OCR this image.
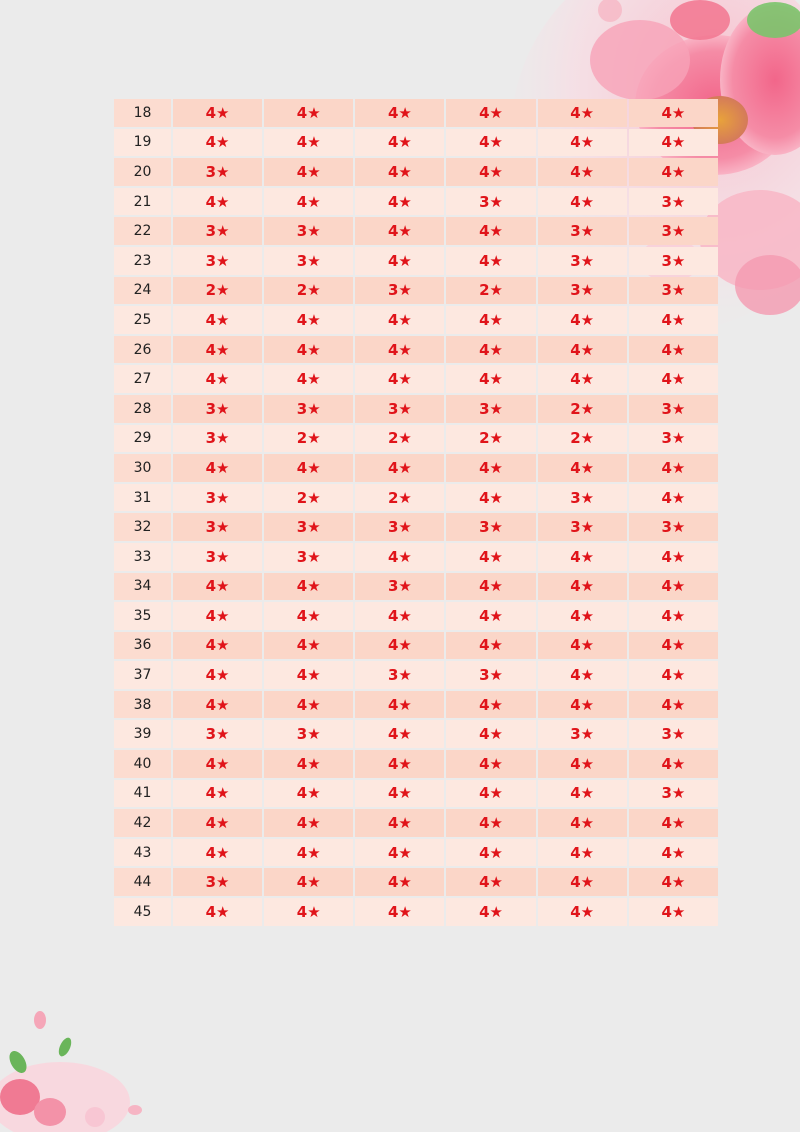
18	4★	4★	4★	4★	4★	4★
19	4★	4★	4★	4★	4★	4★
20	3★	4★	4★	4★	4★	4★
21	4★	4★	4★	3★	4★	3★
22	3★	3★	4★	4★	3★	3★
23	3★	3★	4★	4★	3★	3★
24	2★	2★	3★	2★	3★	3★
25	4★	4★	4★	4★	4★	4★
26	4★	4★	4★	4★	4★	4★
27	4★	4★	4★	4★	4★	4★
28	3★	3★	3★	3★	2★	3★
29	3★	2★	2★	2★	2★	3★
30	4★	4★	4★	4★	4★	4★
31	3★	2★	2★	4★	3★	4★
32	3★	3★	3★	3★	3★	3★
33	3★	3★	4★	4★	4★	4★
34	4★	4★	3★	4★	4★	4★
35	4★	4★	4★	4★	4★	4★
36	4★	4★	4★	4★	4★	4★
37	4★	4★	3★	3★	4★	4★
38	4★	4★	4★	4★	4★	4★
39	3★	3★	4★	4★	3★	3★
40	4★	4★	4★	4★	4★	4★
41	4★	4★	4★	4★	4★	3★
42	4★	4★	4★	4★	4★	4★
43	4★	4★	4★	4★	4★	4★
44	3★	4★	4★	4★	4★	4★
45	4★	4★	4★	4★	4★	4★
